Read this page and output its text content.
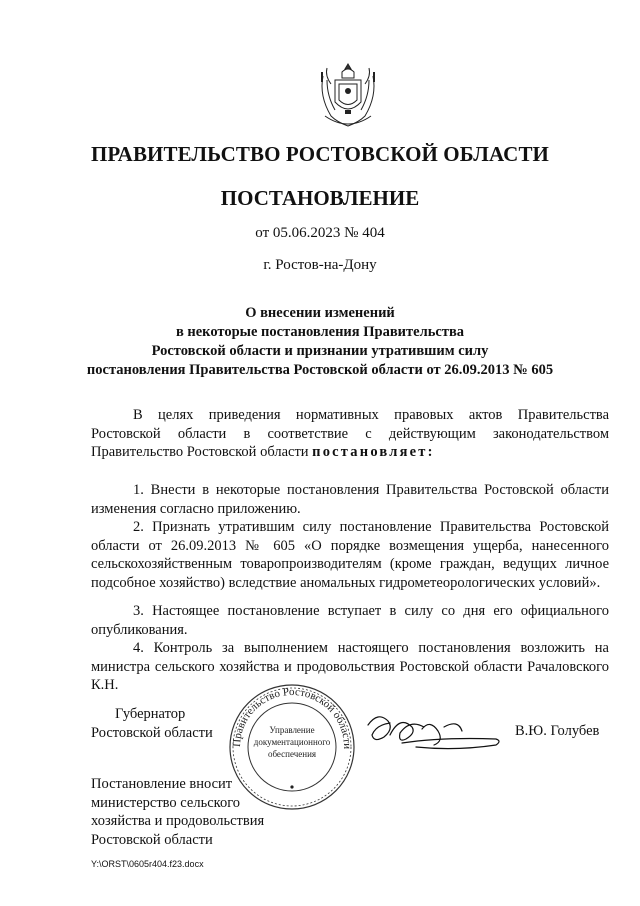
ПРАВИТЕЛЬСТВО РОСТОВСКОЙ ОБЛАСТИ
ПОСТАНОВЛЕНИЕ
от 05.06.2023 № 404
г. Ростов-на-Дону
О внесении изменений
в некоторые постановления Правительства
Ростовской области и признании утратившим силу
постановления Правительства Ростовской области от 26.09.2013 № 605
В целях приведения нормативных правовых актов Правительства Ростовской области в соответствие с действующим законодательством Правительство Ростовской области постановляет:
1. Внести в некоторые постановления Правительства Ростовской области изменения согласно приложению.
2. Признать утратившим силу постановление Правительства Ростовской области от 26.09.2013 № 605 «О порядке возмещения ущерба, нанесенного сельскохозяйственным товаропроизводителям (кроме граждан, ведущих личное подсобное хозяйство) вследствие аномальных гидрометеорологических условий».
3. Настоящее постановление вступает в силу со дня его официального опубликования.
4. Контроль за выполнением настоящего постановления возложить на министра сельского хозяйства и продовольствия Ростовской области Рачаловского К.Н.
Губернатор
Ростовской области
Правительство Ростовской области
Управление
документационного
обеспечения
В.Ю. Голубев
Постановление вносит
министерство сельского
хозяйства и продовольствия
Ростовской области
Y:\ORST\0605r404.f23.docx
